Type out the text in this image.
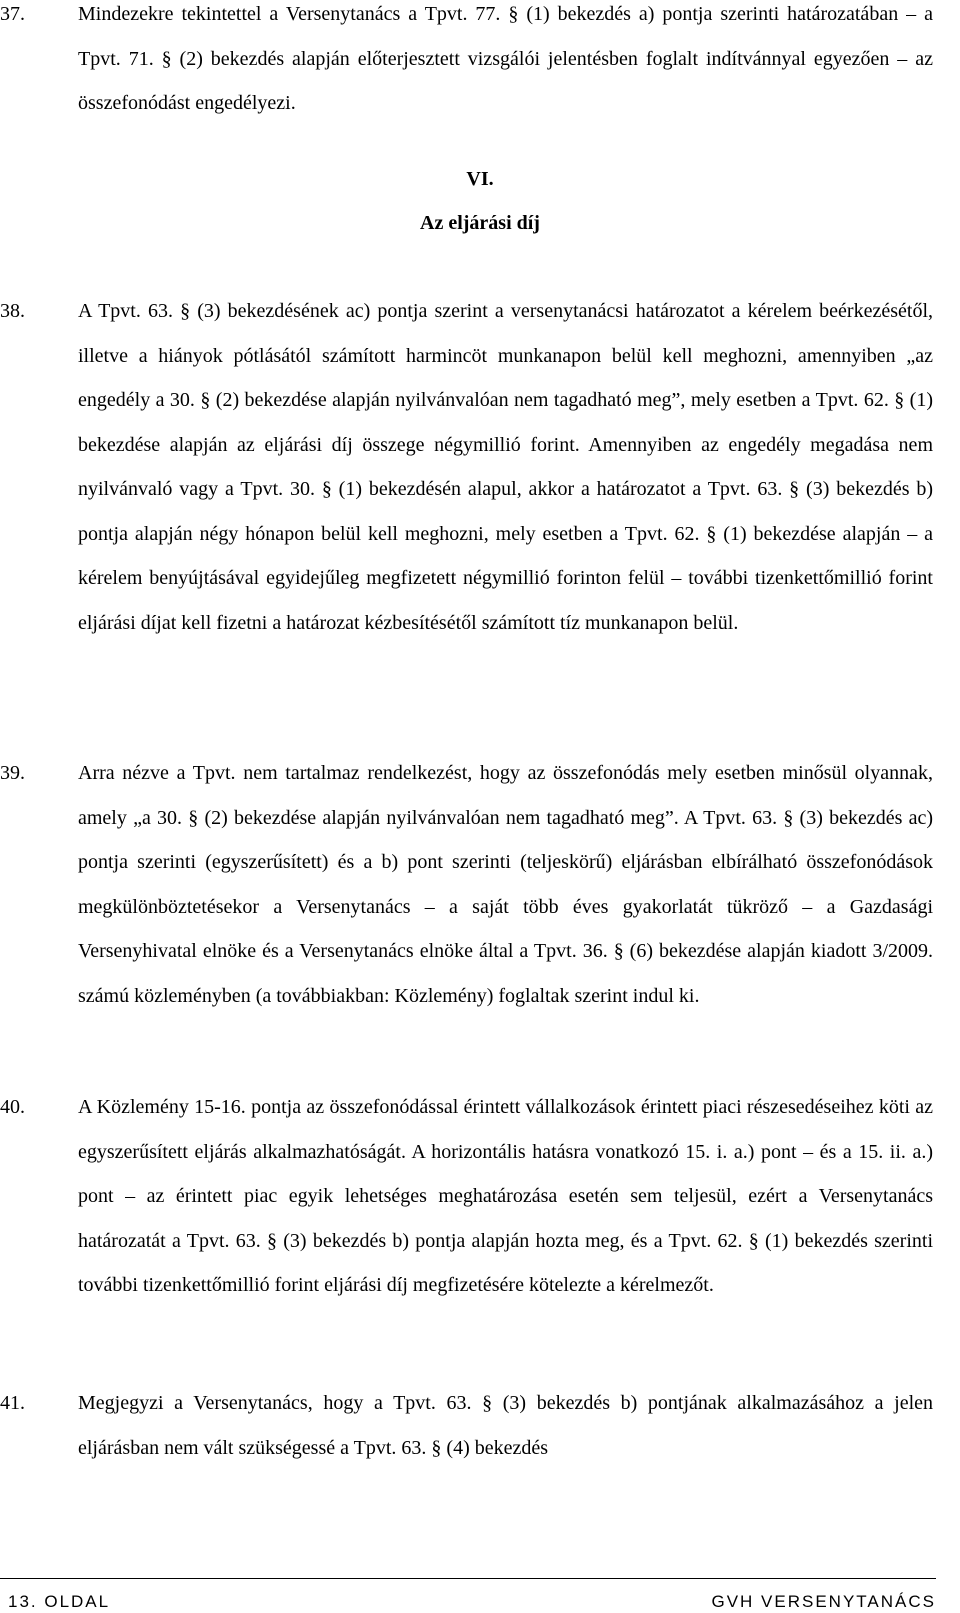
37.	Mindezekre tekintettel a Versenytanács a Tpvt. 77. § (1) bekezdés a) pontja szerinti határozatában – a Tpvt. 71. § (2) bekezdés alapján előterjesztett vizsgálói jelentésben foglalt indítvánnyal egyezően – az összefonódást engedélyezi.
VI.
Az eljárási díj
38.	A Tpvt. 63. § (3) bekezdésének ac) pontja szerint a versenytanácsi határozatot a kérelem beérkezésétől, illetve a hiányok pótlásától számított harmincöt munkanapon belül kell meghozni, amennyiben „az engedély a 30. § (2) bekezdése alapján nyilvánvalóan nem tagadható meg”, mely esetben a Tpvt. 62. § (1) bekezdése alapján az eljárási díj összege négymillió forint. Amennyiben az engedély megadása nem nyilvánvaló vagy a Tpvt. 30. § (1) bekezdésén alapul, akkor a határozatot a Tpvt. 63. § (3) bekezdés b) pontja alapján négy hónapon belül kell meghozni, mely esetben a Tpvt. 62. § (1) bekezdése alapján – a kérelem benyújtásával egyidejűleg megfizetett négymillió forinton felül – további tizenkettőmillió forint eljárási díjat kell fizetni a határozat kézbesítésétől számított tíz munkanapon belül.
39.	Arra nézve a Tpvt. nem tartalmaz rendelkezést, hogy az összefonódás mely esetben minősül olyannak, amely „a 30. § (2) bekezdése alapján nyilvánvalóan nem tagadható meg”. A Tpvt. 63. § (3) bekezdés ac) pontja szerinti (egyszerűsített) és a b) pont szerinti (teljeskörű) eljárásban elbírálható összefonódások megkülönböztetésekor a Versenytanács – a saját több éves gyakorlatát tükröző – a Gazdasági Versenyhivatal elnöke és a Versenytanács elnöke által a Tpvt. 36. § (6) bekezdése alapján kiadott 3/2009. számú közleményben (a továbbiakban: Közlemény) foglaltak szerint indul ki.
40.	A Közlemény 15-16. pontja az összefonódással érintett vállalkozások érintett piaci részesedéseihez köti az egyszerűsített eljárás alkalmazhatóságát. A horizontális hatásra vonatkozó 15. i. a.) pont – és a 15. ii. a.) pont – az érintett piac egyik lehetséges meghatározása esetén sem teljesül, ezért a Versenytanács határozatát a Tpvt. 63. § (3) bekezdés b) pontja alapján hozta meg, és a Tpvt. 62. § (1) bekezdés szerinti további tizenkettőmillió forint eljárási díj megfizetésére kötelezte a kérelmezőt.
41.	Megjegyzi a Versenytanács, hogy a Tpvt. 63. § (3) bekezdés b) pontjának alkalmazásához a jelen eljárásban nem vált szükségessé a Tpvt. 63. § (4) bekezdés
13. OLDAL	GVH VERSENYTANÁCS
